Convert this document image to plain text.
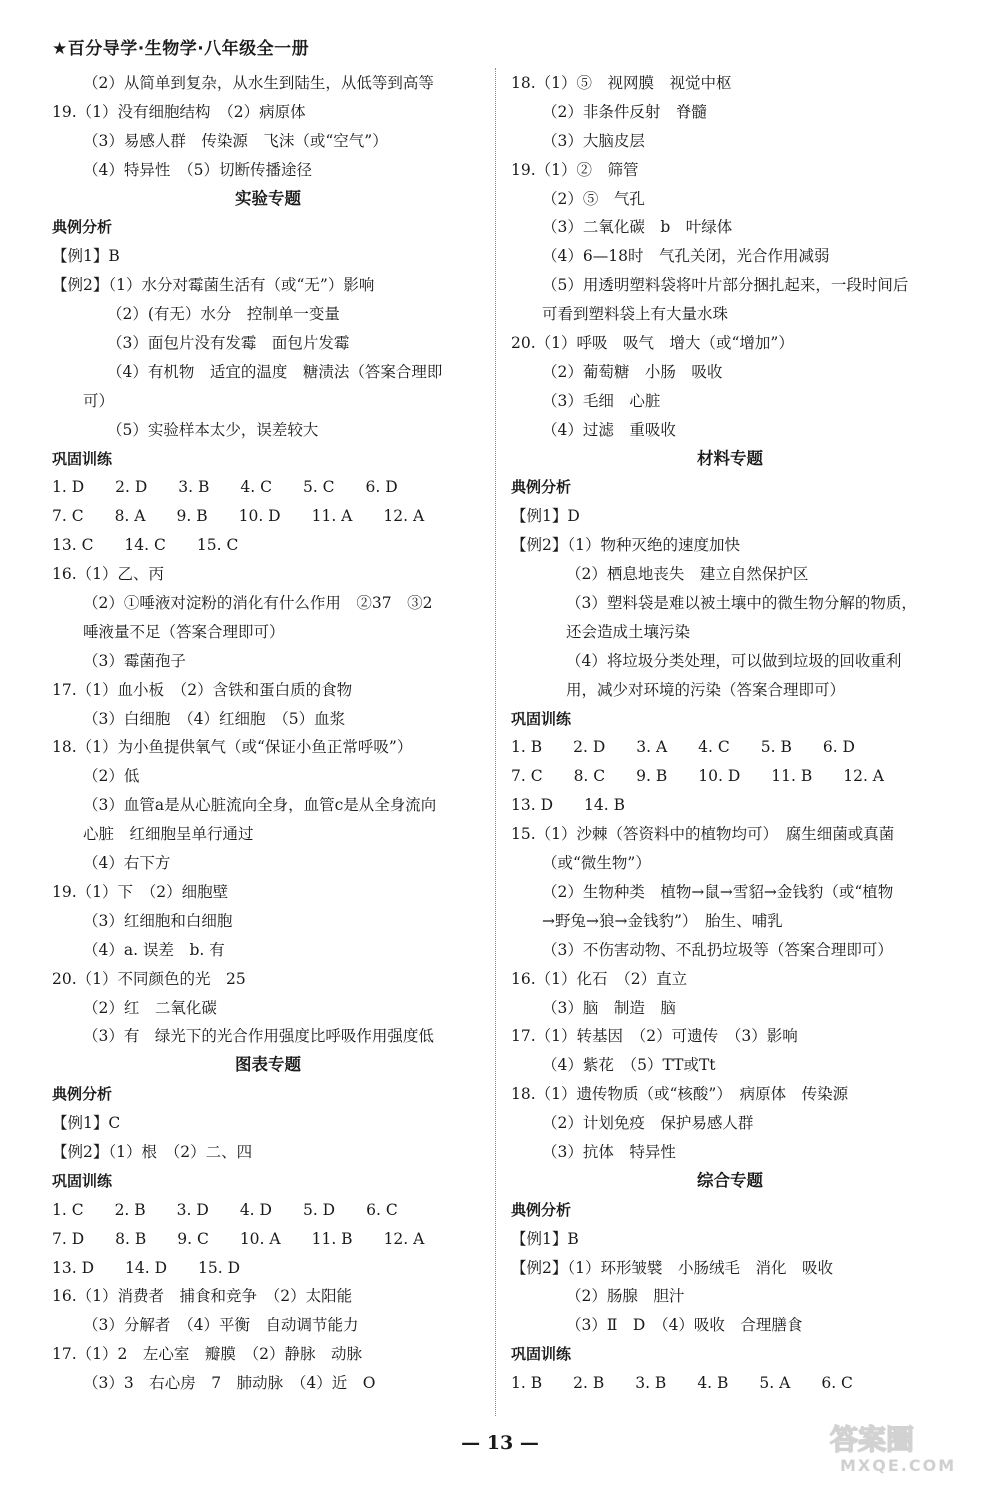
★百分导学·生物学·八年级全一册
（2）从简单到复杂，从水生到陆生，从低等到高等
19.（1）没有细胞结构　（2）病原体
（3）易感人群　传染源　飞沫（或“空气”）
（4）特异性　（5）切断传播途径
实验专题
典例分析
【例1】B
【例2】（1）水分对霉菌生活有（或“无”）影响
（2）(有无）水分　控制单一变量
（3）面包片没有发霉　面包片发霉
（4）有机物　适宜的温度　糖渍法（答案合理即
可）
（5）实验样本太少，误差较大
巩固训练
1. D　　2. D　　3. B　　4. C　　5. C　　6. D
7. C　　8. A　　9. B　　10. D　　11. A　　12. A
13. C　　14. C　　15. C
16.（1）乙、丙
（2）①唾液对淀粉的消化有什么作用　②37　③2
唾液量不足（答案合理即可）
（3）霉菌孢子
17.（1）血小板　（2）含铁和蛋白质的食物
（3）白细胞　（4）红细胞　（5）血浆
18.（1）为小鱼提供氧气（或“保证小鱼正常呼吸”）
（2）低
（3）血管a是从心脏流向全身，血管c是从全身流向
心脏　红细胞呈单行通过
（4）右下方
19.（1）下　（2）细胞壁
（3）红细胞和白细胞
（4）a. 误差　b. 有
20.（1）不同颜色的光　25
（2）红　二氧化碳
（3）有　绿光下的光合作用强度比呼吸作用强度低
图表专题
典例分析
【例1】C
【例2】（1）根　（2）二、四
巩固训练
1. C　　2. B　　3. D　　4. D　　5. D　　6. C
7. D　　8. B　　9. C　　10. A　　11. B　　12. A
13. D　　14. D　　15. D
16.（1）消费者　捕食和竞争　（2）太阳能
（3）分解者　（4）平衡　自动调节能力
17.（1）2　左心室　瓣膜　（2）静脉　动脉
（3）3　右心房　7　肺动脉　（4）近　O
18.（1）⑤　视网膜　视觉中枢
（2）非条件反射　脊髓
（3）大脑皮层
19.（1）②　筛管
（2）⑤　气孔
（3）二氧化碳　b　叶绿体
（4）6—18时　气孔关闭，光合作用减弱
（5）用透明塑料袋将叶片部分捆扎起来，一段时间后
可看到塑料袋上有大量水珠
20.（1）呼吸　吸气　增大（或“增加”）
（2）葡萄糖　小肠　吸收
（3）毛细　心脏
（4）过滤　重吸收
材料专题
典例分析
【例1】D
【例2】（1）物种灭绝的速度加快
（2）栖息地丧失　建立自然保护区
（3）塑料袋是难以被土壤中的微生物分解的物质，
还会造成土壤污染
（4）将垃圾分类处理，可以做到垃圾的回收重利
用，减少对环境的污染（答案合理即可）
巩固训练
1. B　　2. D　　3. A　　4. C　　5. B　　6. D
7. C　　8. C　　9. B　　10. D　　11. B　　12. A
13. D　　14. B
15.（1）沙棘（答资料中的植物均可）　腐生细菌或真菌
（或“微生物”）
（2）生物种类　植物→鼠→雪貂→金钱豹（或“植物
→野兔→狼→金钱豹”）　胎生、哺乳
（3）不伤害动物、不乱扔垃圾等（答案合理即可）
16.（1）化石　（2）直立
（3）脑　制造　脑
17.（1）转基因　（2）可遗传　（3）影响
（4）紫花　（5）TT或Tt
18.（1）遗传物质（或“核酸”）　病原体　传染源
（2）计划免疫　保护易感人群
（3）抗体　特异性
综合专题
典例分析
【例1】B
【例2】（1）环形皱襞　小肠绒毛　消化　吸收
（2）肠腺　胆汁
（3）Ⅱ　D　（4）吸收　合理膳食
巩固训练
1. B　　2. B　　3. B　　4. B　　5. A　　6. C
— 13 —	答案圈
MXQE.COM
